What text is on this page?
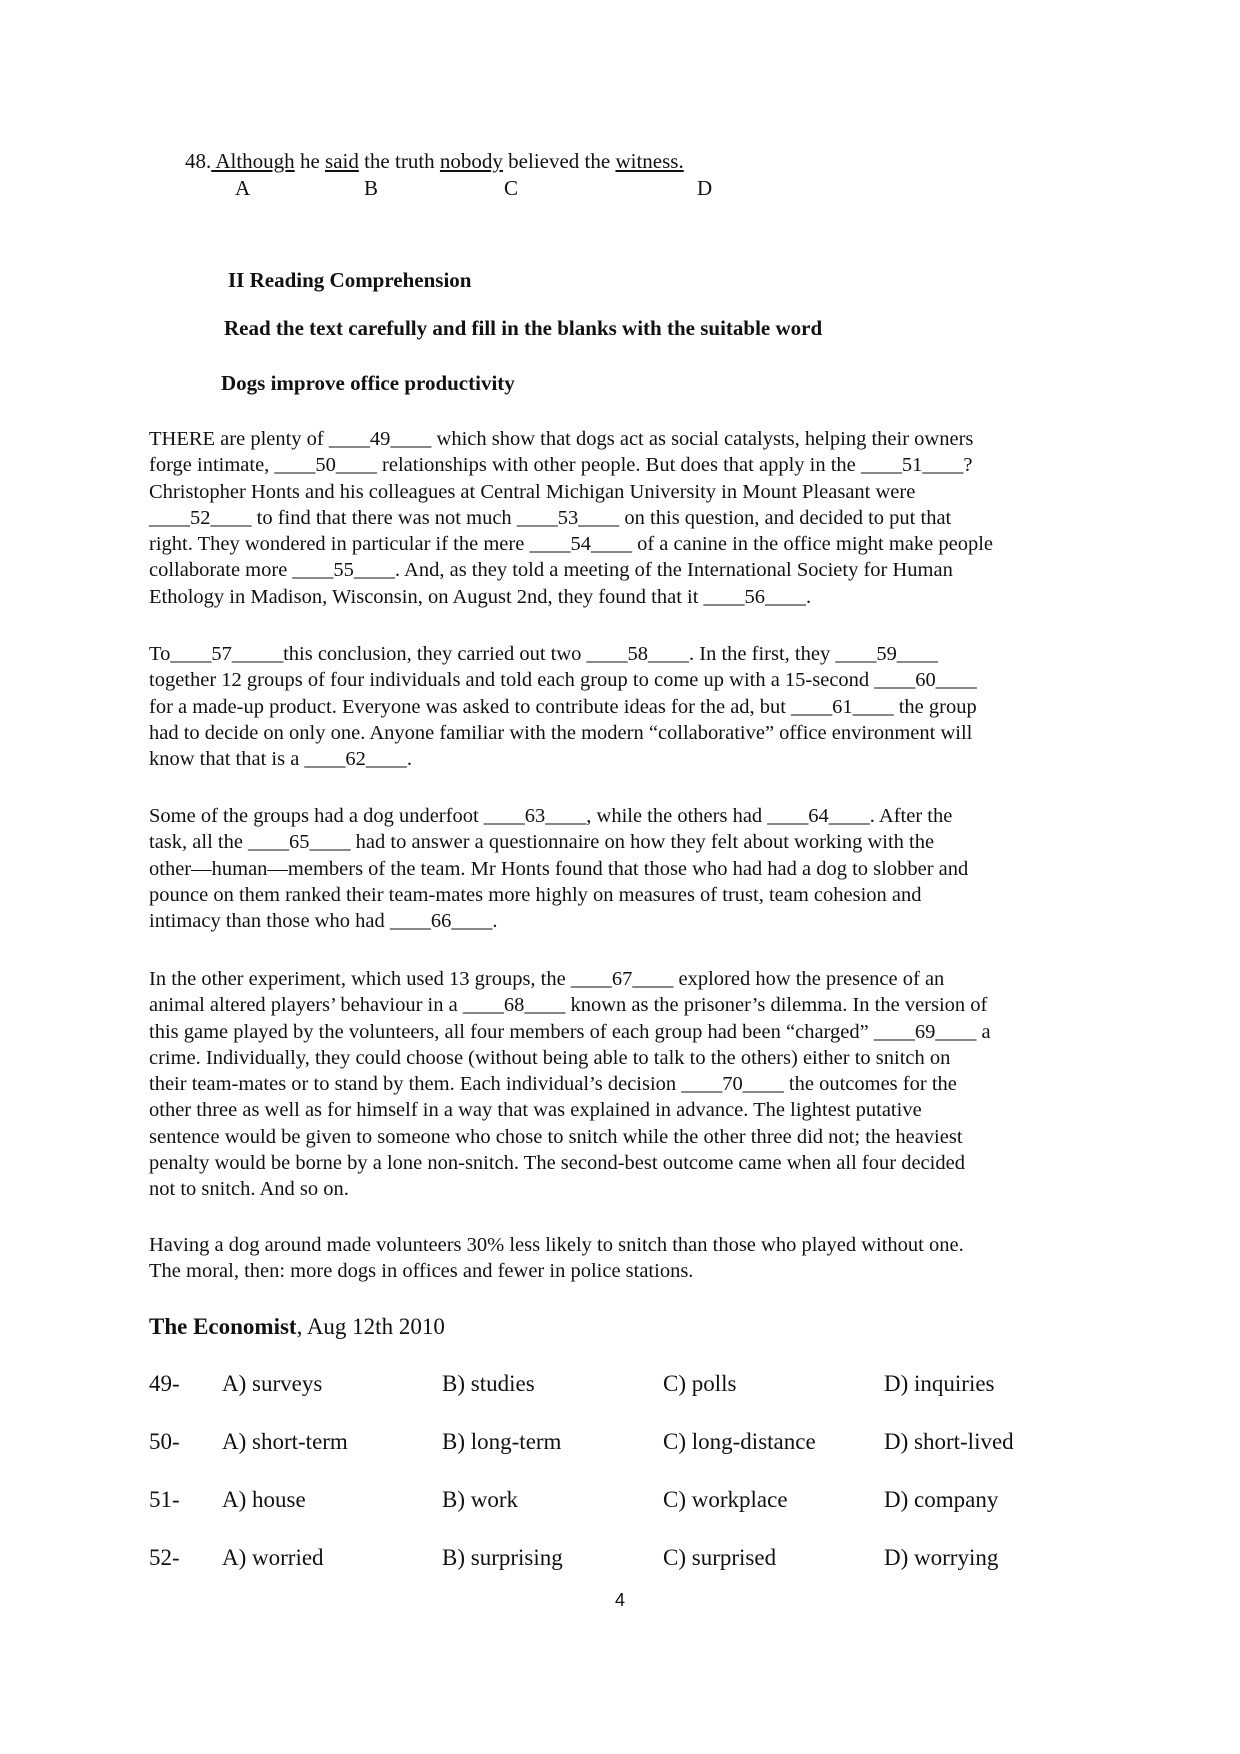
48. Although he said the truth nobody believed the witness.
A	B	C	D
II Reading Comprehension
Read the text carefully and fill in the blanks with the suitable word
Dogs improve office productivity

THERE are plenty of ____49____ which show that dogs act as social catalysts, helping their owners
forge intimate, ____50____ relationships with other people. But does that apply in the ____51____?
Christopher Honts and his colleagues at Central Michigan University in Mount Pleasant were
____52____ to find that there was not much ____53____ on this question, and decided to put that
right. They wondered in particular if the mere ____54____ of a canine in the office might make people
collaborate more ____55____. And, as they told a meeting of the International Society for Human
Ethology in Madison, Wisconsin, on August 2nd, they found that it ____56____.

To____57_____this conclusion, they carried out two ____58____. In the first, they ____59____
together 12 groups of four individuals and told each group to come up with a 15-second ____60____
for a made-up product. Everyone was asked to contribute ideas for the ad, but ____61____ the group
had to decide on only one. Anyone familiar with the modern “collaborative” office environment will
know that that is a ____62____.

Some of the groups had a dog underfoot ____63____, while the others had ____64____. After the
task, all the ____65____ had to answer a questionnaire on how they felt about working with the
other—human—members of the team. Mr Honts found that those who had had a dog to slobber and
pounce on them ranked their team-mates more highly on measures of trust, team cohesion and
intimacy than those who had ____66____.

In the other experiment, which used 13 groups, the ____67____ explored how the presence of an
animal altered players’ behaviour in a ____68____ known as the prisoner’s dilemma. In the version of
this game played by the volunteers, all four members of each group had been “charged” ____69____ a
crime. Individually, they could choose (without being able to talk to the others) either to snitch on
their team-mates or to stand by them. Each individual’s decision ____70____ the outcomes for the
other three as well as for himself in a way that was explained in advance. The lightest putative
sentence would be given to someone who chose to snitch while the other three did not; the heaviest
penalty would be borne by a lone non-snitch. The second-best outcome came when all four decided
not to snitch. And so on.

Having a dog around made volunteers 30% less likely to snitch than those who played without one.
The moral, then: more dogs in offices and fewer in police stations.

The Economist, Aug 12th 2010
49- A) surveys	B) studies	C) polls	D) inquiries
50- A) short-term	B) long-term	C) long-distance	D) short-lived
51- A) house	B) work	C) workplace	D) company
52- A) worried	B) surprising	C) surprised	D) worrying
4
